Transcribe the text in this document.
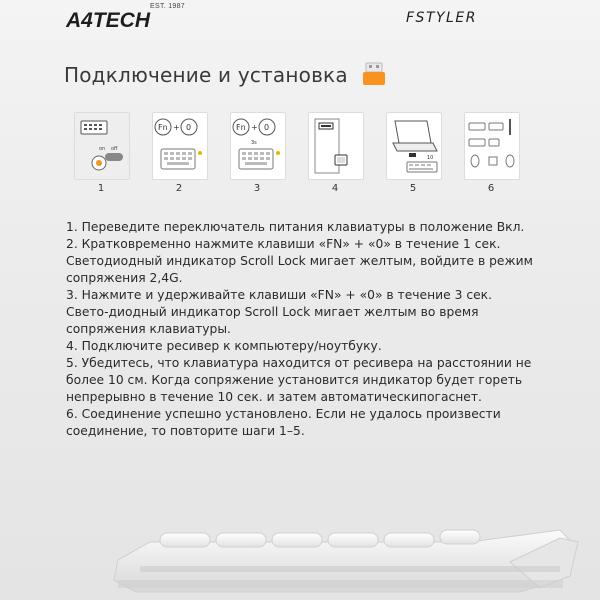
A4TECH
EST. 1987
FSTYLER
Подключение и установка
on off
1
Fn + 0
2
Fn + 0
3s
3	4
10
5	6

1. Переведите переключатель питания клавиатуры в положение Вкл.

2. Кратковременно нажмите клавиши «FN» + «0» в течение 1 сек. Светодиодный индикатор Scroll Lock мигает желтым, войдите в режим сопряжения 2,4G.

3. Нажмите и удерживайте клавиши «FN» + «0» в течение 3 сек. Свето-диодный индикатор Scroll Lock мигает желтым во время сопряжения клавиатуры.

4. Подключите ресивер к компьютеру/ноутбуку.

5. Убедитесь, что клавиатура находится от ресивера на расстоянии не более 10 см. Когда сопряжение установится индикатор будет гореть непрерывно в течение 10 сек. и затем автоматическипогаснет.

6. Соединение успешно установлено. Если не удалось произвести соединение, то повторите шаги 1–5.
